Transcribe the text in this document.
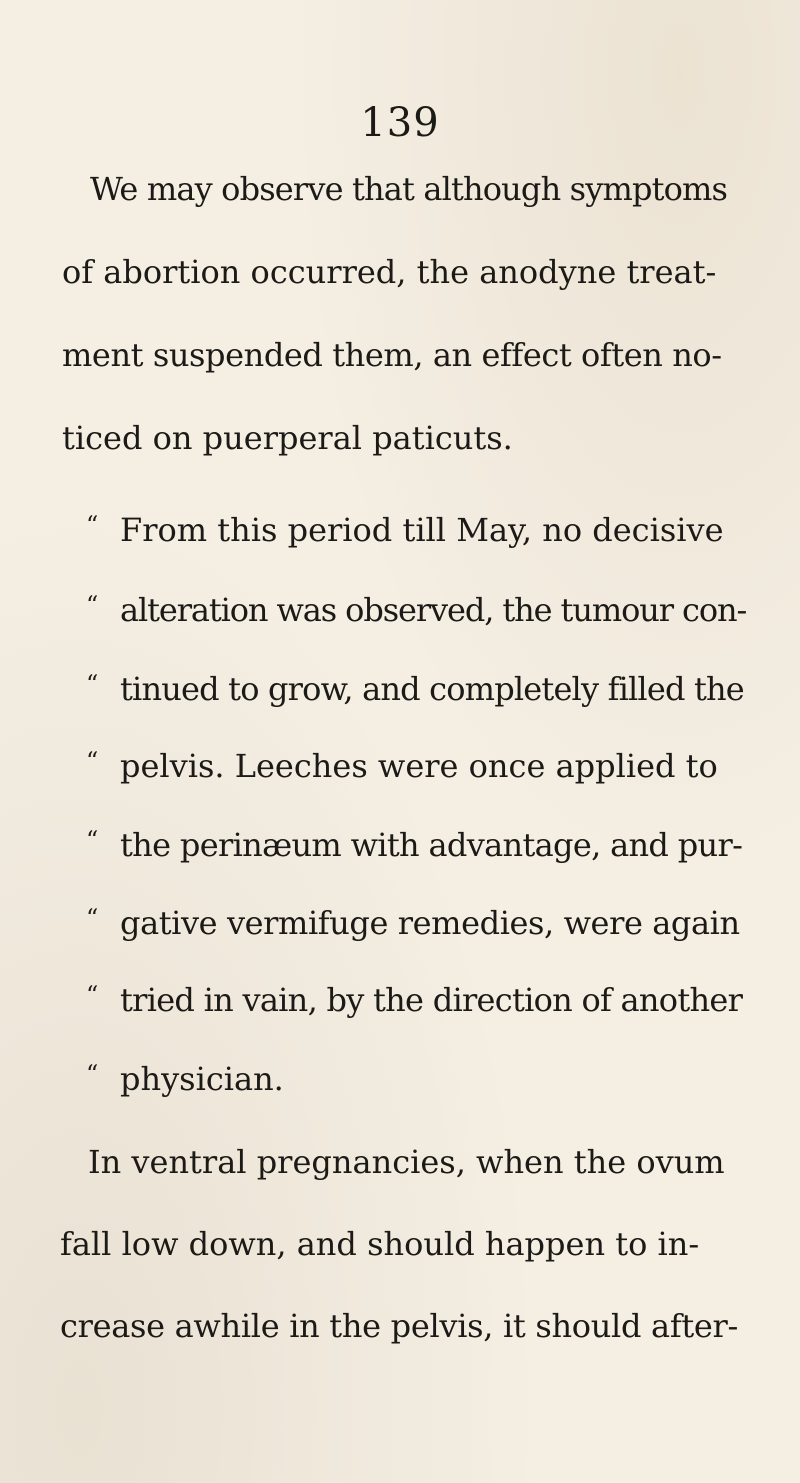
139
We may observe that although symptoms
of abortion occurred, the anodyne treat-
ment suspended them, an effect often no-
ticed on puerperal paticuts.
“ From this period till May, no decisive
“ alteration was observed, the tumour con-
“ tinued to grow, and completely filled the
“ pelvis. Leeches were once applied to
“ the perinæum with advantage, and pur-
“ gative vermifuge remedies, were again
“ tried in vain, by the direction of another
“ physician.
In ventral pregnancies, when the ovum
fall low down, and should happen to in-
crease awhile in the pelvis, it should after-
